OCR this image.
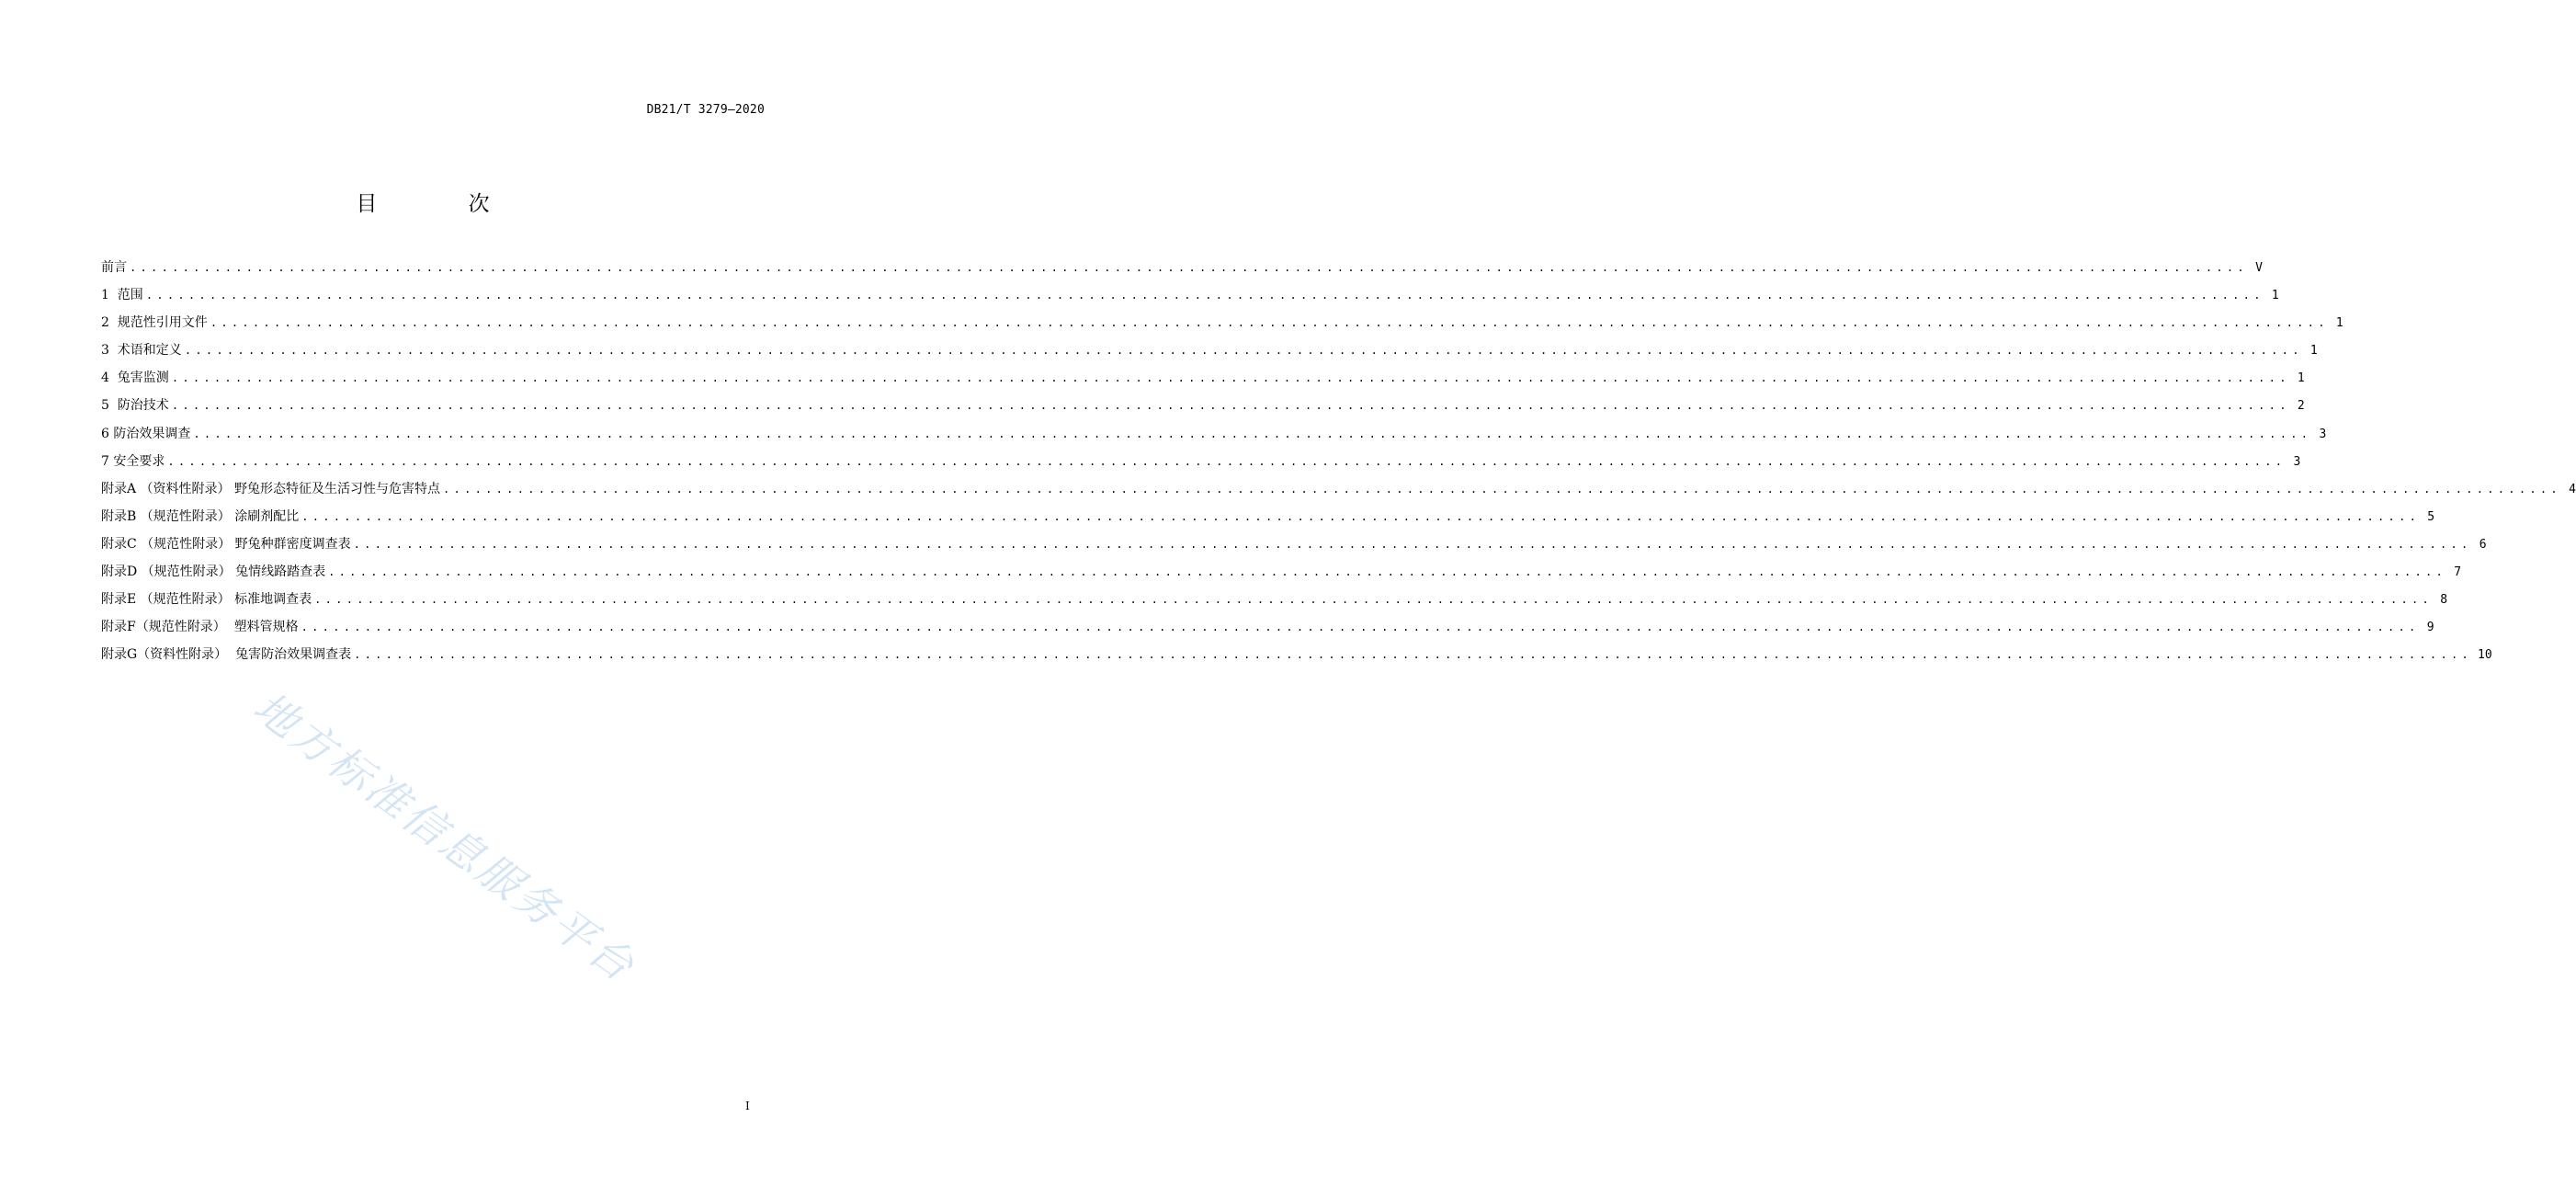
DB21/T 3279—2020
目 次
前言 ........................................................................................................................................................................................................ V
1  范围 ........................................................................................................................................................................................................ 1
2  规范性引用文件 ........................................................................................................................................................................................................ 1
3  术语和定义 ........................................................................................................................................................................................................ 1
4  兔害监测 ........................................................................................................................................................................................................ 1
5  防治技术 ........................................................................................................................................................................................................ 2
6 防治效果调查 ........................................................................................................................................................................................................ 3
7 安全要求 ........................................................................................................................................................................................................ 3
附录A （资料性附录） 野兔形态特征及生活习性与危害特点 ........................................................................................................................................................................................................ 4
附录B （规范性附录） 涂刷剂配比 ........................................................................................................................................................................................................ 5
附录C （规范性附录） 野兔种群密度调查表 ........................................................................................................................................................................................................ 6
附录D （规范性附录） 兔情线路踏查表 ........................................................................................................................................................................................................ 7
附录E （规范性附录） 标准地调查表 ........................................................................................................................................................................................................ 8
附录F（规范性附录）  塑料管规格 ........................................................................................................................................................................................................ 9
附录G（资料性附录）  兔害防治效果调查表 ........................................................................................................................................................................................................ 10
地方标准信息服务平台
I
